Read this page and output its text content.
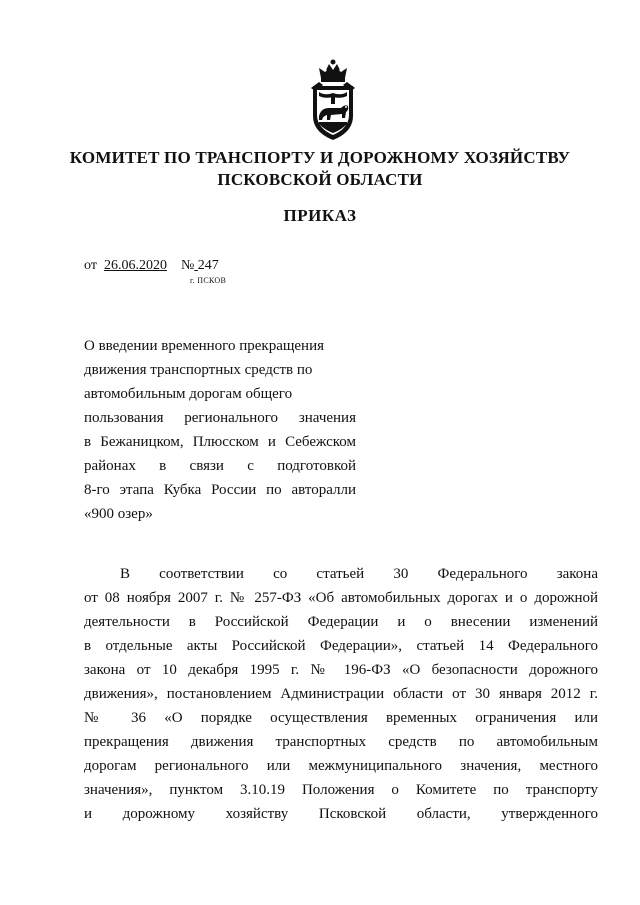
КОМИТЕТ ПО ТРАНСПОРТУ И ДОРОЖНОМУ ХОЗЯЙСТВУ
ПСКОВСКОЙ ОБЛАСТИ
ПРИКАЗ
от 26.06.2020 № 247
г. ПСКОВ
О введении временного прекращения
движения транспортных средств по
автомобильным дорогам общего
пользования регионального значения
в Бежаницком, Плюсском и Себежском
районах в связи с подготовкой
8-го этапа Кубка России по авторалли
«900 озер»
В соответствии со статьей 30 Федерального закона
от 08 ноября 2007 г. № 257-ФЗ «Об автомобильных дорогах и о дорожной
деятельности в Российской Федерации и о внесении изменений
в отдельные акты Российской Федерации», статьей 14 Федерального
закона от 10 декабря 1995 г. № 196-ФЗ «О безопасности дорожного
движения», постановлением Администрации области от 30 января 2012 г.
№ 36 «О порядке осуществления временных ограничения или
прекращения движения транспортных средств по автомобильным
дорогам регионального или межмуниципального значения, местного
значения», пунктом 3.10.19 Положения о Комитете по транспорту
и дорожному хозяйству Псковской области, утвержденного
